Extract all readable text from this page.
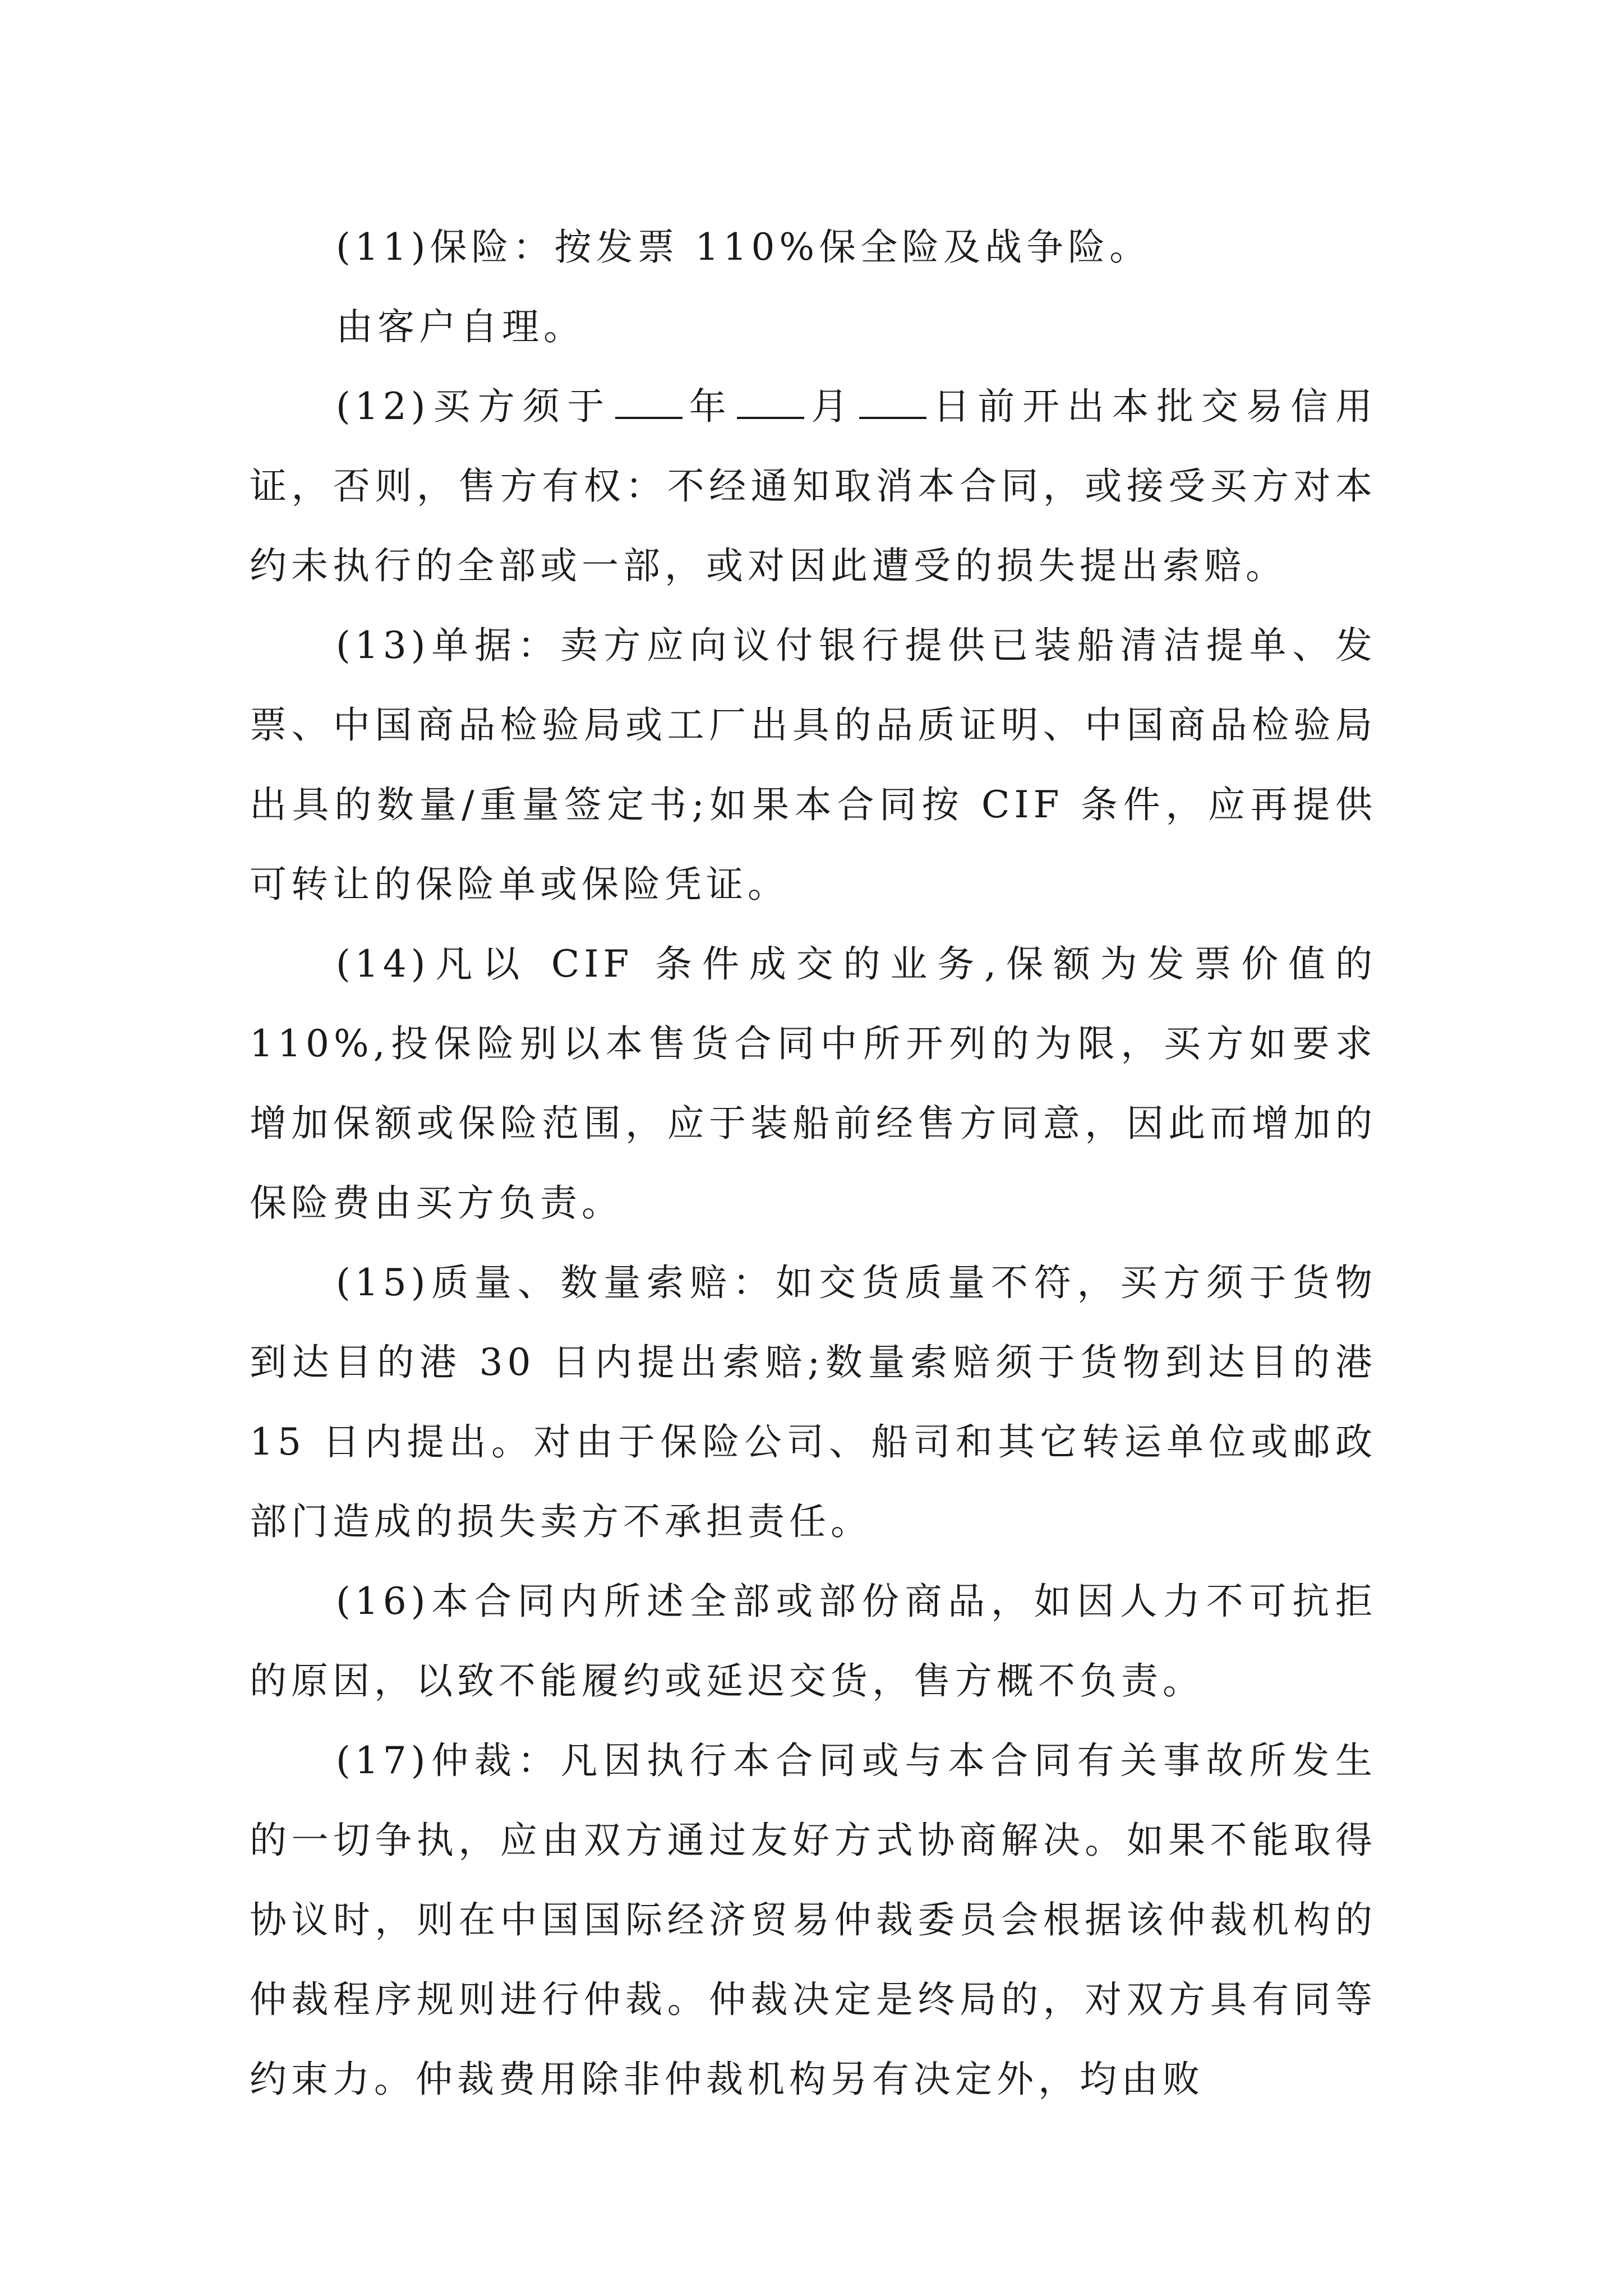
(11)保险：按发票 110%保全险及战争险。

由客户自理。

(12)买方须于 年 月 日前开出本批交易信用证，否则，售方有权：不经通知取消本合同，或接受买方对本约未执行的全部或一部，或对因此遭受的损失提出索赔。

(13)单据：卖方应向议付银行提供已装船清洁提单、发票、中国商品检验局或工厂出具的品质证明、中国商品检验局出具的数量/重量签定书;如果本合同按 CIF 条件，应再提供可转让的保险单或保险凭证。

(14)凡以 CIF 条件成交的业务,保额为发票价值的 110%,投保险别以本售货合同中所开列的为限，买方如要求增加保额或保险范围，应于装船前经售方同意，因此而增加的保险费由买方负责。

(15)质量、数量索赔：如交货质量不符，买方须于货物到达目的港 30 日内提出索赔;数量索赔须于货物到达目的港 15 日内提出。对由于保险公司、船司和其它转运单位或邮政部门造成的损失卖方不承担责任。

(16)本合同内所述全部或部份商品，如因人力不可抗拒的原因，以致不能履约或延迟交货，售方概不负责。

(17)仲裁：凡因执行本合同或与本合同有关事故所发生的一切争执，应由双方通过友好方式协商解决。如果不能取得协议时，则在中国国际经济贸易仲裁委员会根据该仲裁机构的仲裁程序规则进行仲裁。仲裁决定是终局的，对双方具有同等约束力。仲裁费用除非仲裁机构另有决定外，均由败
